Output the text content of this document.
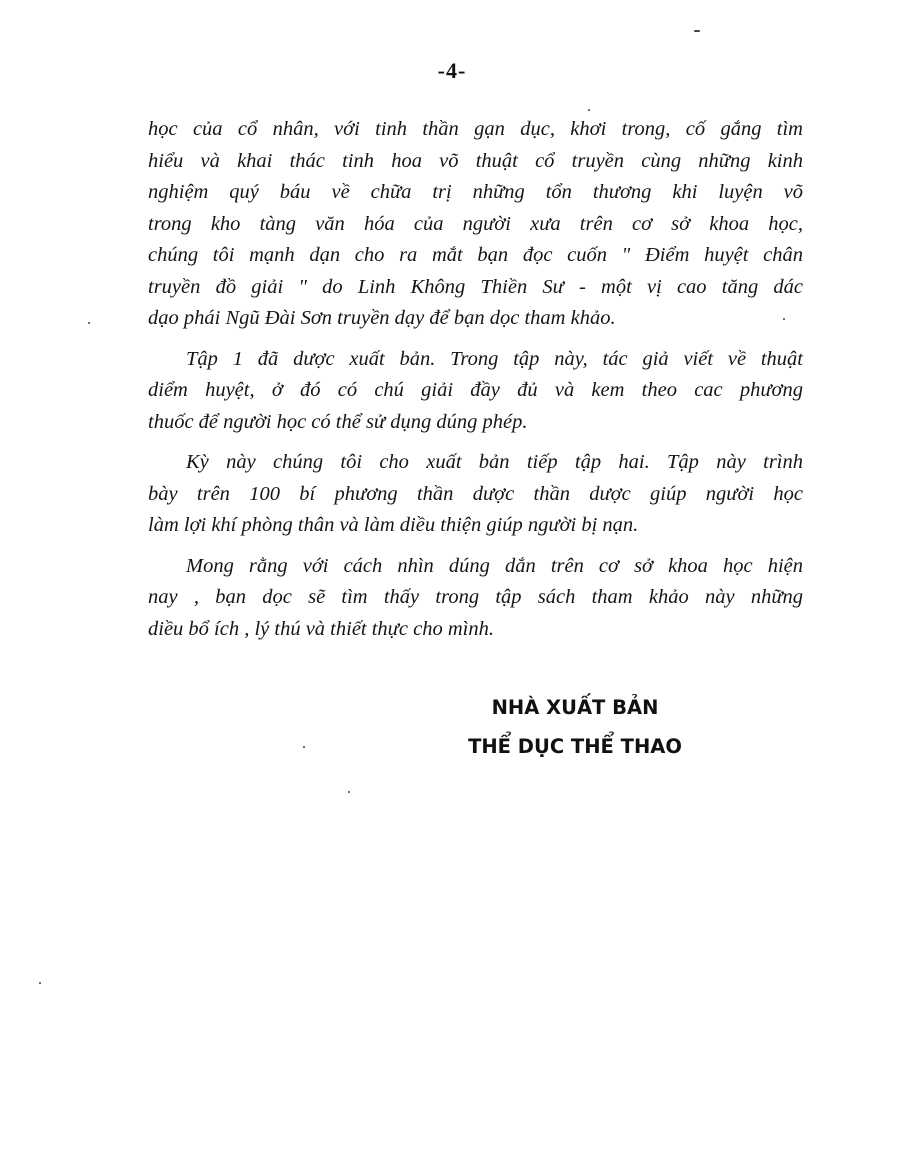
-4-
học của cổ nhân, với tinh thần gạn dục, khơi trong, cố gắng tìm
hiểu và khai thác tinh hoa võ thuật cổ truyền cùng những kinh
nghiệm quý báu về chữa trị những tổn thương khi luyện võ
trong kho tàng văn hóa của người xưa trên cơ sở khoa học,
chúng tôi mạnh dạn cho ra mắt bạn đọc cuốn " Điểm huyệt chân
truyền đồ giải " do Linh Không Thiền Sư - một vị cao tăng dác
dạo phái Ngũ Đài Sơn truyền dạy để bạn dọc tham khảo.
Tập 1 đã dược xuất bản. Trong tập này, tác giả viết về thuật
diểm huyệt, ở đó có chú giải đầy đủ và kem theo cac phương
thuốc để người học có thể sử dụng dúng phép.
Kỳ này chúng tôi cho xuất bản tiếp tập hai. Tập này trình
bày trên 100 bí phương thần dược thần dược giúp người học
làm lợi khí phòng thân và làm diều thiện giúp người bị nạn.
Mong rằng với cách nhìn dúng dắn trên cơ sở khoa học hiện
nay , bạn dọc sẽ tìm thấy trong tập sách tham khảo này những
diều bổ ích , lý thú và thiết thực cho mình.
NHÀ XUẤT BẢN
THỂ DỤC THỂ THAO
